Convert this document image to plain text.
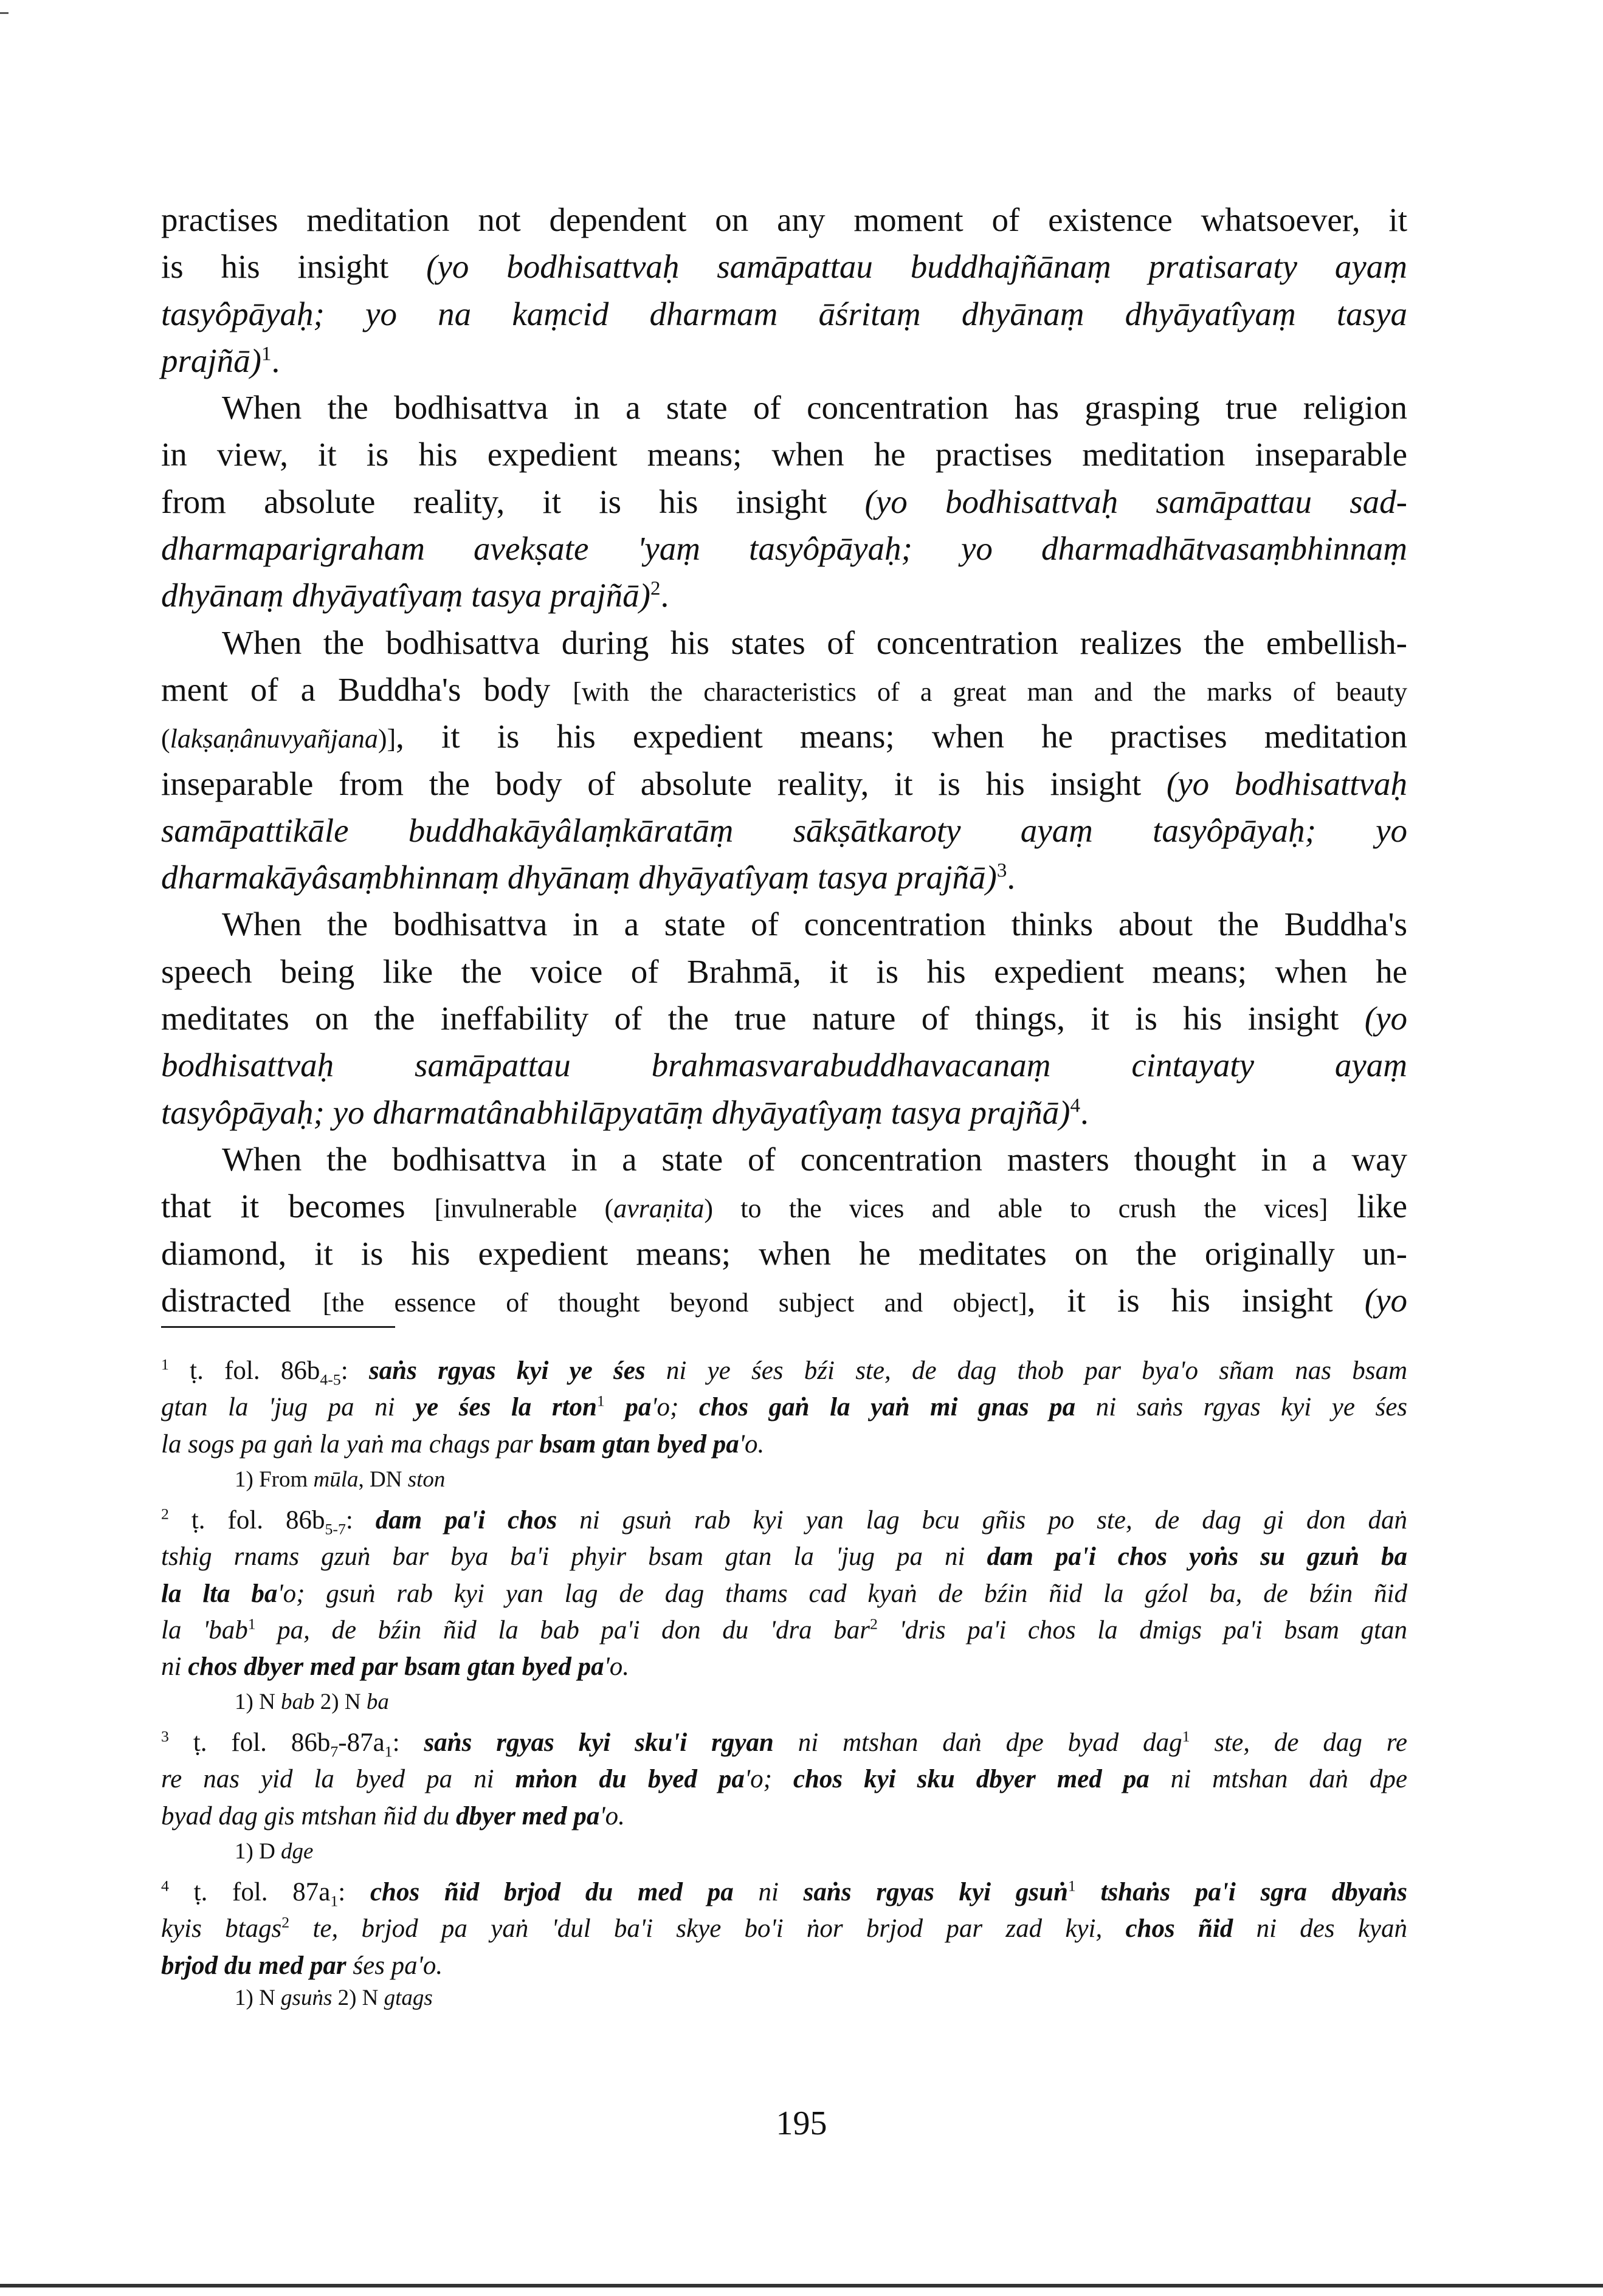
practises meditation not dependent on any moment of existence whatsoever, it
is his insight (yo bodhisattvaḥ samāpattau buddhajñānaṃ pratisaraty ayaṃ
tasyôpāyaḥ; yo na kaṃcid dharmam āśritaṃ dhyānaṃ dhyāyatîyaṃ tasya
prajñā)$^1$.
When the bodhisattva in a state of concentration has grasping true religion
in view, it is his expedient means; when he practises meditation inseparable
from absolute reality, it is his insight (yo bodhisattvaḥ samāpattau sad-
dharmaparigraham avekṣate 'yaṃ tasyôpāyaḥ; yo dharmadhātvasaṃbhinnaṃ
dhyānaṃ dhyāyatîyaṃ tasya prajñā)$^2$.
When the bodhisattva during his states of concentration realizes the embellish-
ment of a Buddha's body [with the characteristics of a great man and the marks of beauty
(lakṣaṇânuvyañjana)], it is his expedient means; when he practises meditation
inseparable from the body of absolute reality, it is his insight (yo bodhisattvaḥ
samāpattikāle buddhakāyâlaṃkāratāṃ sākṣātkaroty ayaṃ tasyôpāyaḥ; yo
dharmakāyâsaṃbhinnaṃ dhyānaṃ dhyāyatîyaṃ tasya prajñā)$^3$.
When the bodhisattva in a state of concentration thinks about the Buddha's
speech being like the voice of Brahmā, it is his expedient means; when he
meditates on the ineffability of the true nature of things, it is his insight (yo
bodhisattvaḥ samāpattau brahmasvarabuddhavacanaṃ cintayaty ayaṃ
tasyôpāyaḥ; yo dharmatânabhilāpyatāṃ dhyāyatîyaṃ tasya prajñā)$^4$.
When the bodhisattva in a state of concentration masters thought in a way
that it becomes [invulnerable (avraṇita) to the vices and able to crush the vices] like
diamond, it is his expedient means; when he meditates on the originally un-
distracted [the essence of thought beyond subject and object], it is his insight (yo
$^1$ ṭ. fol. $86b_{4-5}$: saṅs rgyas kyi ye śes ni ye śes bźi ste, de dag thob par bya'o sñam nas bsam
gtan la 'jug pa ni ye śes la rton$^1$ pa'o; chos gaṅ la yaṅ mi gnas pa ni saṅs rgyas kyi ye śes
la sogs pa gaṅ la yaṅ ma chags par bsam gtan byed pa'o.
1) From mūla, DN ston
$^2$ ṭ. fol. $86b_{5-7}$: dam pa'i chos ni gsuṅ rab kyi yan lag bcu gñis po ste, de dag gi don daṅ
tshig rnams gzuṅ bar bya ba'i phyir bsam gtan la 'jug pa ni dam pa'i chos yoṅs su gzuṅ ba
la lta ba'o; gsuṅ rab kyi yan lag de dag thams cad kyaṅ de bźin ñid la gźol ba, de bźin ñid
la 'bab$^1$ pa, de bźin ñid la bab pa'i don du 'dra bar$^2$ 'dris pa'i chos la dmigs pa'i bsam gtan
ni chos dbyer med par bsam gtan byed pa'o.
1) N bab 2) N ba
$^3$ ṭ. fol. $86b_7-87a_1$: saṅs rgyas kyi sku'i rgyan ni mtshan daṅ dpe byad dag$^1$ ste, de dag re
re nas yid la byed pa ni mṅon du byed pa'o; chos kyi sku dbyer med pa ni mtshan daṅ dpe
byad dag gis mtshan ñid du dbyer med pa'o.
1) D dge
$^4$ ṭ. fol. $87a_1$: chos ñid brjod du med pa ni saṅs rgyas kyi gsuṅ$^1$ tshaṅs pa'i sgra dbyaṅs
kyis btags$^2$ te, brjod pa yaṅ 'dul ba'i skye bo'i ṅor brjod par zad kyi, chos ñid ni des kyaṅ
brjod du med par śes pa'o.
1) N gsuṅs 2) N gtags
195
